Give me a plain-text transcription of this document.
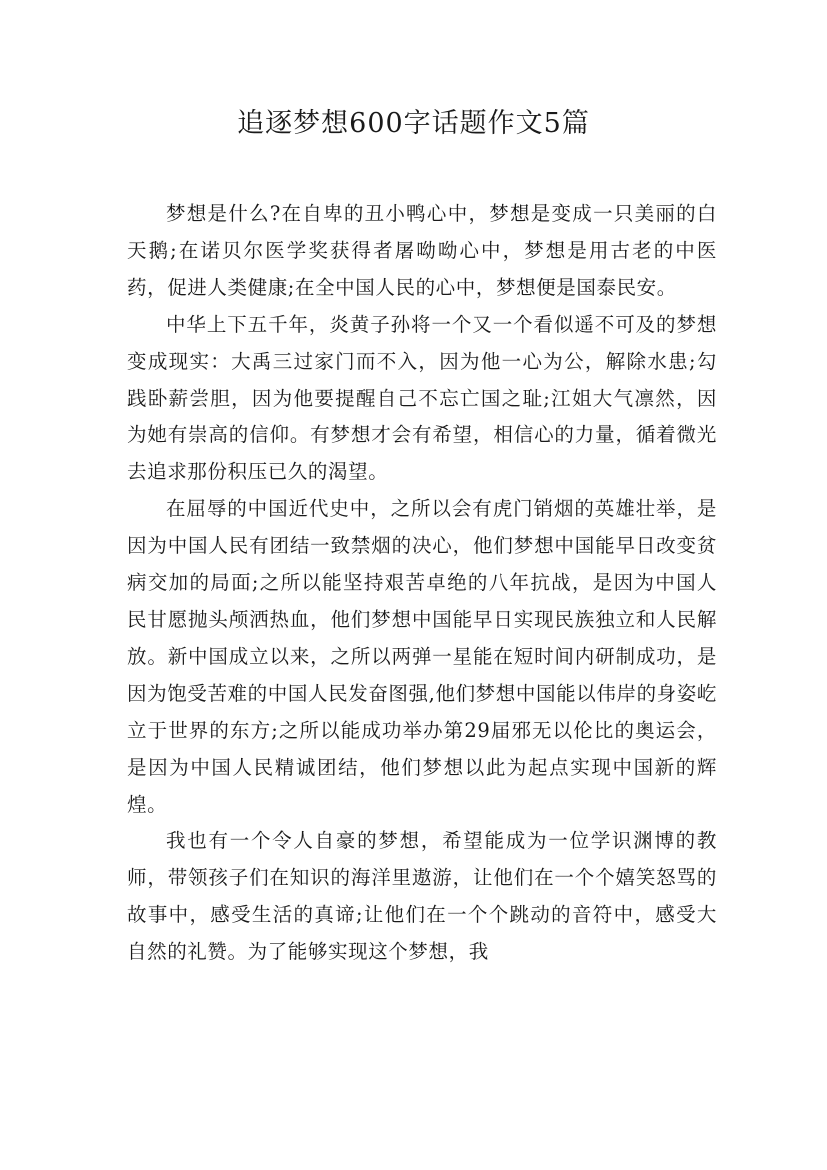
追逐梦想600字话题作文5篇

梦想是什么?在自卑的丑小鸭心中，梦想是变成一只美丽的白天鹅;在诺贝尔医学奖获得者屠呦呦心中，梦想是用古老的中医药，促进人类健康;在全中国人民的心中，梦想便是国泰民安。

中华上下五千年，炎黄子孙将一个又一个看似遥不可及的梦想变成现实：大禹三过家门而不入，因为他一心为公，解除水患;勾践卧薪尝胆，因为他要提醒自己不忘亡国之耻;江姐大气凛然，因为她有崇高的信仰。有梦想才会有希望，相信心的力量，循着微光去追求那份积压已久的渴望。

在屈辱的中国近代史中，之所以会有虎门销烟的英雄壮举，是因为中国人民有团结一致禁烟的决心，他们梦想中国能早日改变贫病交加的局面;之所以能坚持艰苦卓绝的八年抗战，是因为中国人民甘愿抛头颅洒热血，他们梦想中国能早日实现民族独立和人民解放。新中国成立以来，之所以两弹一星能在短时间内研制成功，是因为饱受苦难的中国人民发奋图强,他们梦想中国能以伟岸的身姿屹立于世界的东方;之所以能成功举办第29届邪无以伦比的奥运会，是因为中国人民精诚团结，他们梦想以此为起点实现中国新的辉煌。

我也有一个令人自豪的梦想，希望能成为一位学识渊博的教师，带领孩子们在知识的海洋里遨游，让他们在一个个嬉笑怒骂的故事中，感受生活的真谛;让他们在一个个跳动的音符中，感受大自然的礼赞。为了能够实现这个梦想，我
